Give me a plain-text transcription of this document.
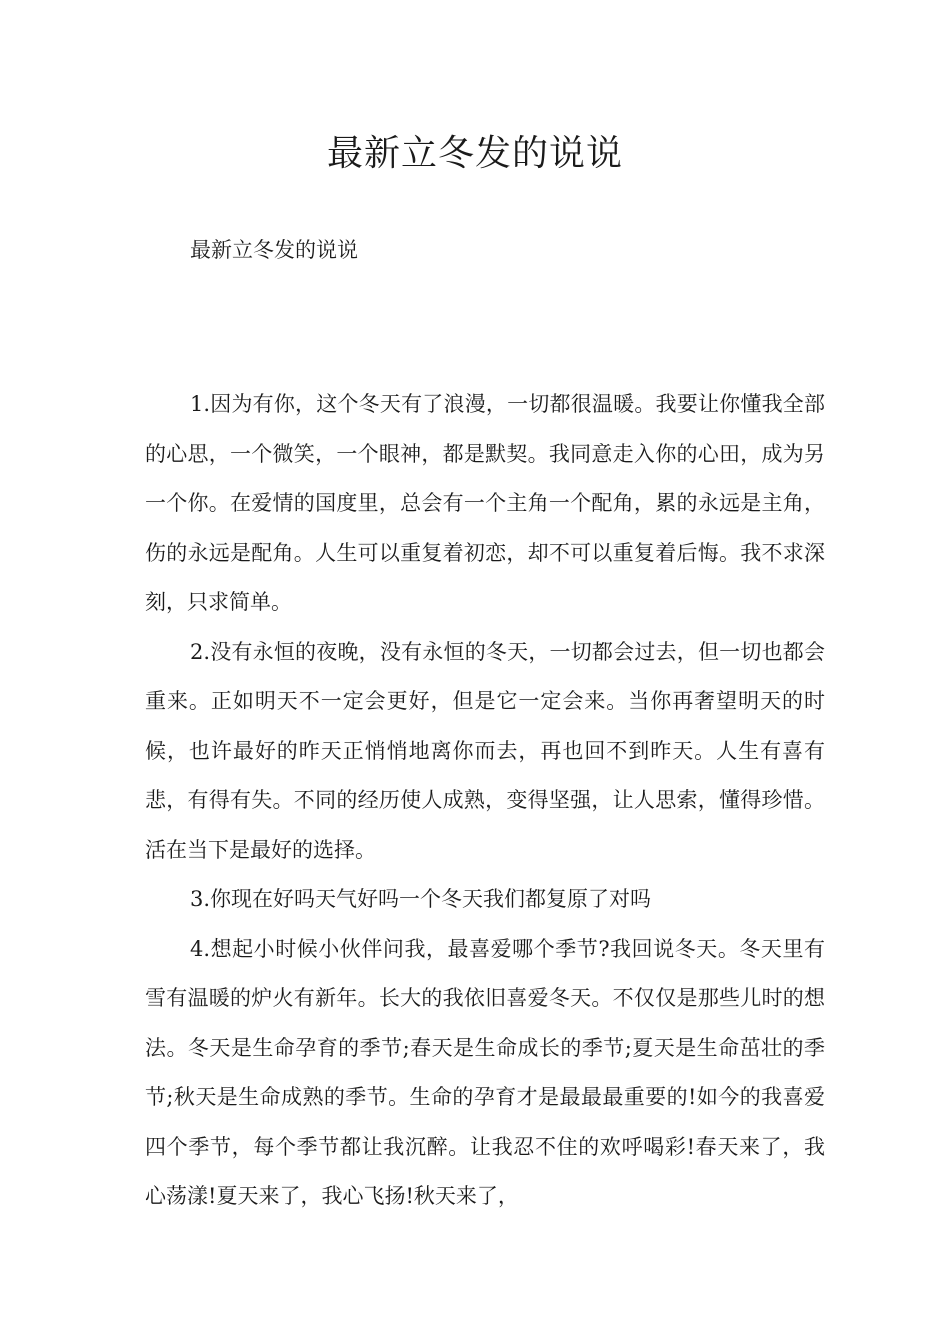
最新立冬发的说说

最新立冬发的说说

1.因为有你，这个冬天有了浪漫，一切都很温暖。我要让你懂我全部的心思，一个微笑，一个眼神，都是默契。我同意走入你的心田，成为另一个你。在爱情的国度里，总会有一个主角一个配角，累的永远是主角，伤的永远是配角。人生可以重复着初恋，却不可以重复着后悔。我不求深刻，只求简单。

2.没有永恒的夜晚，没有永恒的冬天，一切都会过去，但一切也都会重来。正如明天不一定会更好，但是它一定会来。当你再奢望明天的时候，也许最好的昨天正悄悄地离你而去，再也回不到昨天。人生有喜有悲，有得有失。不同的经历使人成熟，变得坚强，让人思索，懂得珍惜。活在当下是最好的选择。

3.你现在好吗天气好吗一个冬天我们都复原了对吗

4.想起小时候小伙伴问我，最喜爱哪个季节?我回说冬天。冬天里有雪有温暖的炉火有新年。长大的我依旧喜爱冬天。不仅仅是那些儿时的想法。冬天是生命孕育的季节;春天是生命成长的季节;夏天是生命茁壮的季节;秋天是生命成熟的季节。生命的孕育才是最最最重要的!如今的我喜爱四个季节，每个季节都让我沉醉。让我忍不住的欢呼喝彩!春天来了，我心荡漾!夏天来了，我心飞扬!秋天来了，
